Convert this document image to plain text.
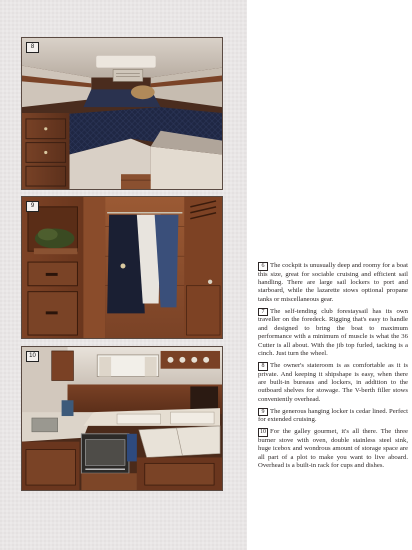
8
9
10

6 The cockpit is unusually deep and roomy for a boat this size, great for sociable cruising and efficient sail handling. There are large sail lockers to port and starboard, while the lazarette stows optional propane tanks or miscellaneous gear.

7 The self-tending club forestaysail has its own traveller on the foredeck. Rigging that's easy to handle and designed to bring the boat to maximum performance with a minimum of muscle is what the 36 Cutter is all about. With the jib top furled, tacking is a cinch. Just turn the wheel.

8 The owner's stateroom is as comfortable as it is private. And keeping it shipshape is easy, when there are built-in bureaus and lockers, in addition to the outboard shelves for stowage. The V-berth filler stows conveniently overhead.

9 The generous hanging locker is cedar lined. Perfect for extended cruising.

10 For the galley gourmet, it's all there. The three burner stove with oven, double stainless steel sink, huge icebox and wondrous amount of storage space are all part of a plot to make you want to live aboard. Overhead is a built-in rack for cups and dishes.
